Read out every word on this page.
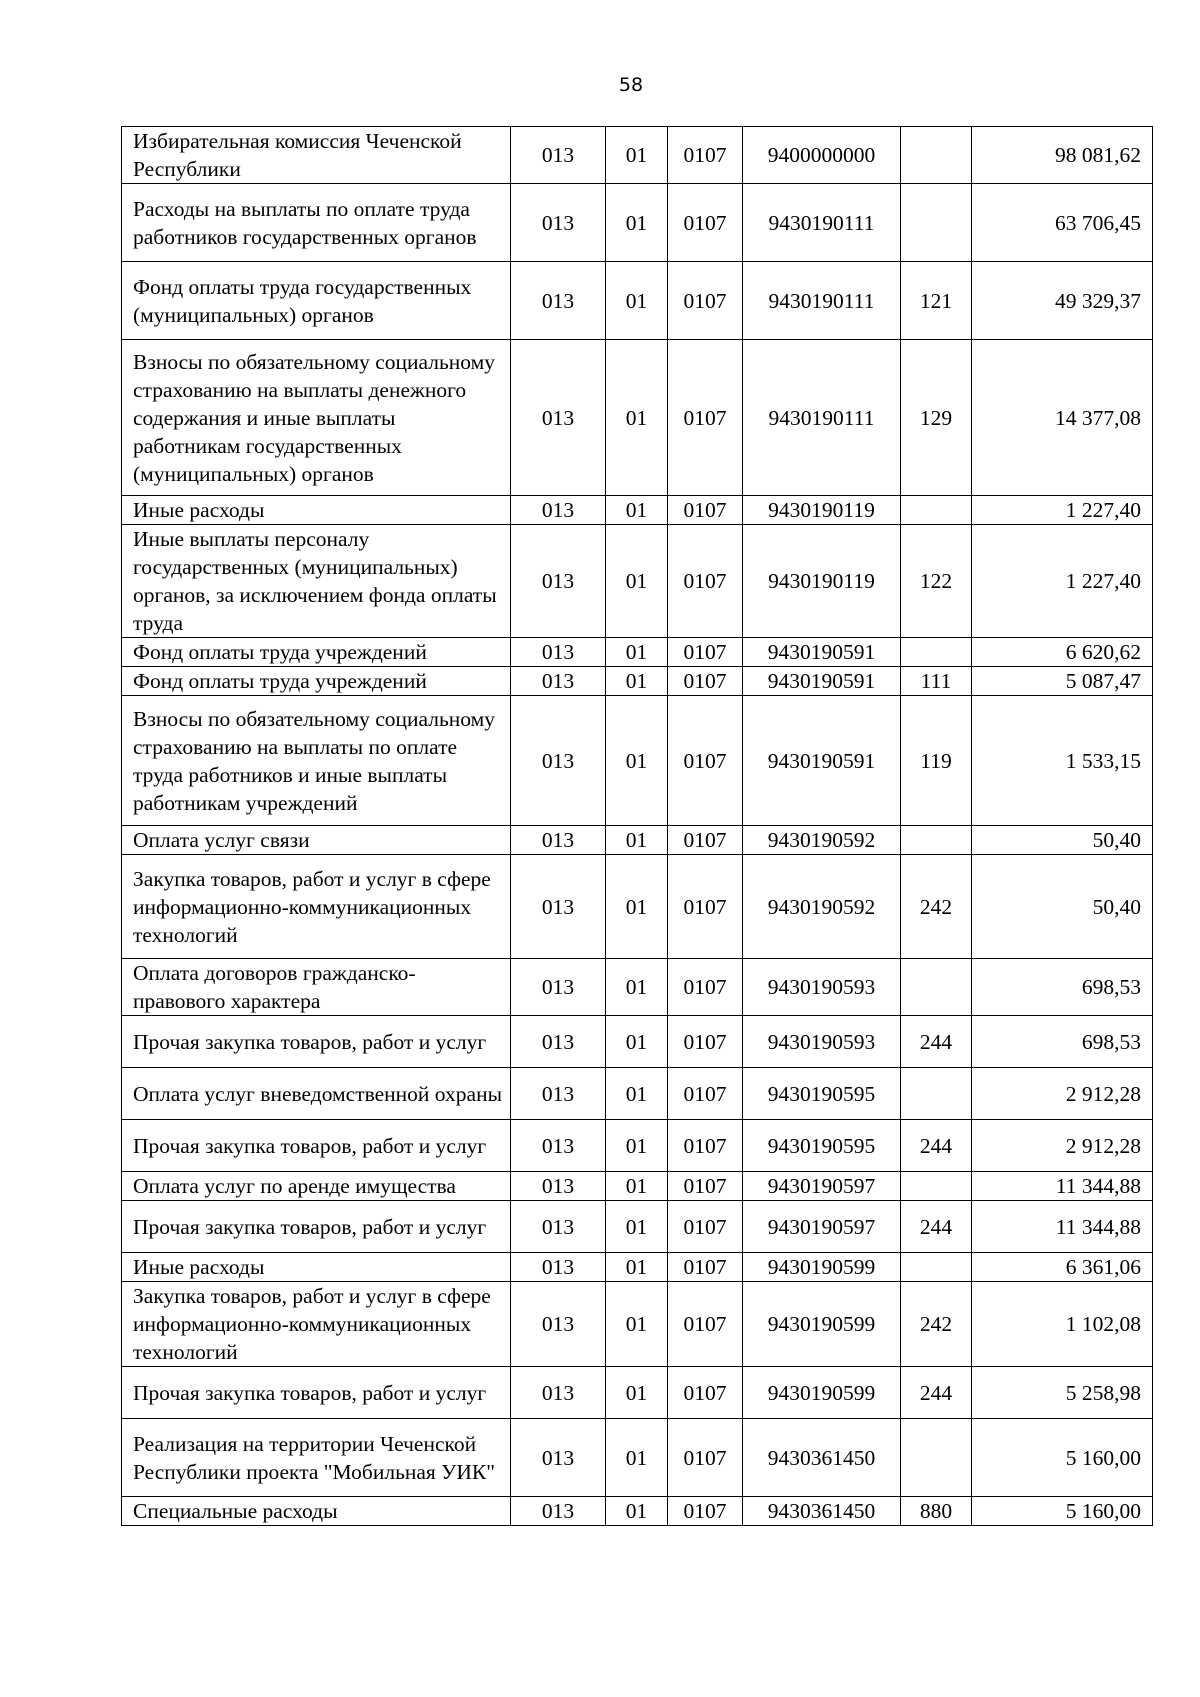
58
Избирательная комиссия Чеченской Республики	013	01	0107	9400000000		98 081,62
Расходы на выплаты по оплате труда работников государственных органов	013	01	0107	9430190111		63 706,45
Фонд оплаты труда государственных (муниципальных) органов	013	01	0107	9430190111	121	49 329,37
Взносы по обязательному социальному страхованию на выплаты денежного содержания и иные выплаты работникам государственных (муниципальных) органов	013	01	0107	9430190111	129	14 377,08
Иные расходы	013	01	0107	9430190119		1 227,40
Иные выплаты персоналу государственных (муниципальных) органов, за исключением фонда оплаты труда	013	01	0107	9430190119	122	1 227,40
Фонд оплаты труда учреждений	013	01	0107	9430190591		6 620,62
Фонд оплаты труда учреждений	013	01	0107	9430190591	111	5 087,47
Взносы по обязательному социальному страхованию на выплаты по оплате труда работников и иные выплаты работникам учреждений	013	01	0107	9430190591	119	1 533,15
Оплата услуг связи	013	01	0107	9430190592		50,40
Закупка товаров, работ и услуг в сфере информационно-коммуникационных технологий	013	01	0107	9430190592	242	50,40
Оплата договоров гражданско-правового характера	013	01	0107	9430190593		698,53
Прочая закупка товаров, работ и услуг	013	01	0107	9430190593	244	698,53
Оплата услуг вневедомственной охраны	013	01	0107	9430190595		2 912,28
Прочая закупка товаров, работ и услуг	013	01	0107	9430190595	244	2 912,28
Оплата услуг по аренде имущества	013	01	0107	9430190597		11 344,88
Прочая закупка товаров, работ и услуг	013	01	0107	9430190597	244	11 344,88
Иные расходы	013	01	0107	9430190599		6 361,06
Закупка товаров, работ и услуг в сфере информационно-коммуникационных технологий	013	01	0107	9430190599	242	1 102,08
Прочая закупка товаров, работ и услуг	013	01	0107	9430190599	244	5 258,98
Реализация на территории Чеченской Республики проекта "Мобильная УИК"	013	01	0107	9430361450		5 160,00
Специальные расходы	013	01	0107	9430361450	880	5 160,00
